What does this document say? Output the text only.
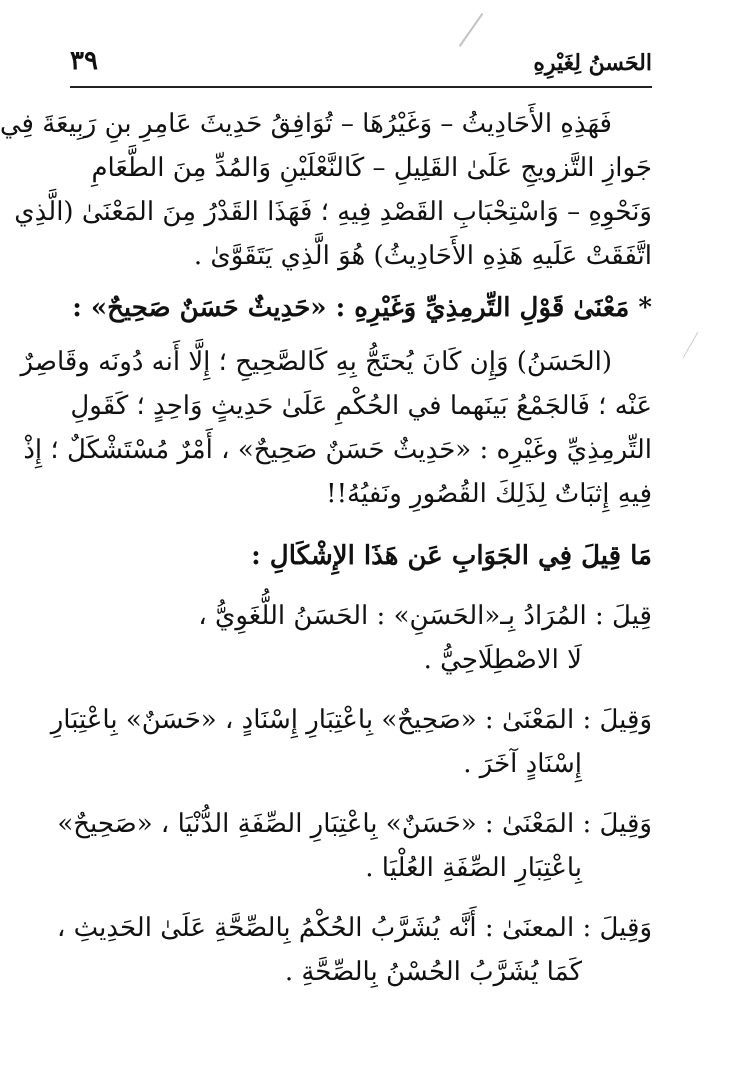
٣٩	الحَسنُ لِغَيْرِهِ
فَهَذِهِ الأَحَادِيثُ – وَغَيْرُهَا – تُوَافِقُ حَدِيثَ عَامِرِ بنِ رَبِيعَةَ فِي
جَوازِ التَّزويجِ عَلَىٰ القَلِيلِ – كَالنَّعْلَيْنِ وَالمُدِّ مِنَ الطَّعَامِ
وَنَحْوِهِ – وَاسْتِحْبَابِ القَصْدِ فِيهِ ؛ فَهَذَا القَدْرُ مِنَ المَعْنَىٰ (الَّذِي
اتَّفَقَتْ عَلَيهِ هَذِهِ الأَحَادِيثُ) هُوَ الَّذِي يَتَقَوَّىٰ .
* مَعْنَىٰ قَوْلِ التِّرمِذِيِّ وَغَيْرِهِ : «حَدِيثٌ حَسَنٌ صَحِيحٌ» :
(الحَسَنُ) وَإِن كَانَ يُحتَجُّ بِهِ كَالصَّحِيحِ ؛ إِلَّا أَنه دُونَه وقَاصِرٌ
عَنْه ؛ فَالجَمْعُ بَينَهما في الحُكْمِ عَلَىٰ حَدِيثٍ وَاحِدٍ ؛ كَقَولِ
التِّرمِذِيِّ وغَيْرِه : «حَدِيثٌ حَسَنٌ صَحِيحٌ» ، أَمْرٌ مُسْتَشْكَلٌ ؛ إِذْ
فِيهِ إِثبَاتٌ لِذَلِكَ القُصُورِ ونَفيُهُ!!
مَا قِيلَ فِي الجَوَابِ عَن هَذَا الإِشْكَالِ :
قِيلَ : المُرَادُ بِـ«الحَسَنِ» : الحَسَنُ اللُّغَوِيُّ ،
لَا الاصْطِلَاحِيُّ .
وَقِيلَ : المَعْنَىٰ : «صَحِيحٌ» بِاعْتِبَارِ إِسْنَادٍ ، «حَسَنٌ» بِاعْتِبَارِ
إِسْنَادٍ آخَرَ .
وَقِيلَ : المَعْنَىٰ : «حَسَنٌ» بِاعْتِبَارِ الصِّفَةِ الدُّنْيَا ، «صَحِيحٌ»
بِاعْتِبَارِ الصِّفَةِ العُلْيَا .
وَقِيلَ : المعنَىٰ : أَنَّه يُشَرَّبُ الحُكْمُ بِالصِّحَّةِ عَلَىٰ الحَدِيثِ ،
كَمَا يُشَرَّبُ الحُسْنُ بِالصِّحَّةِ .
